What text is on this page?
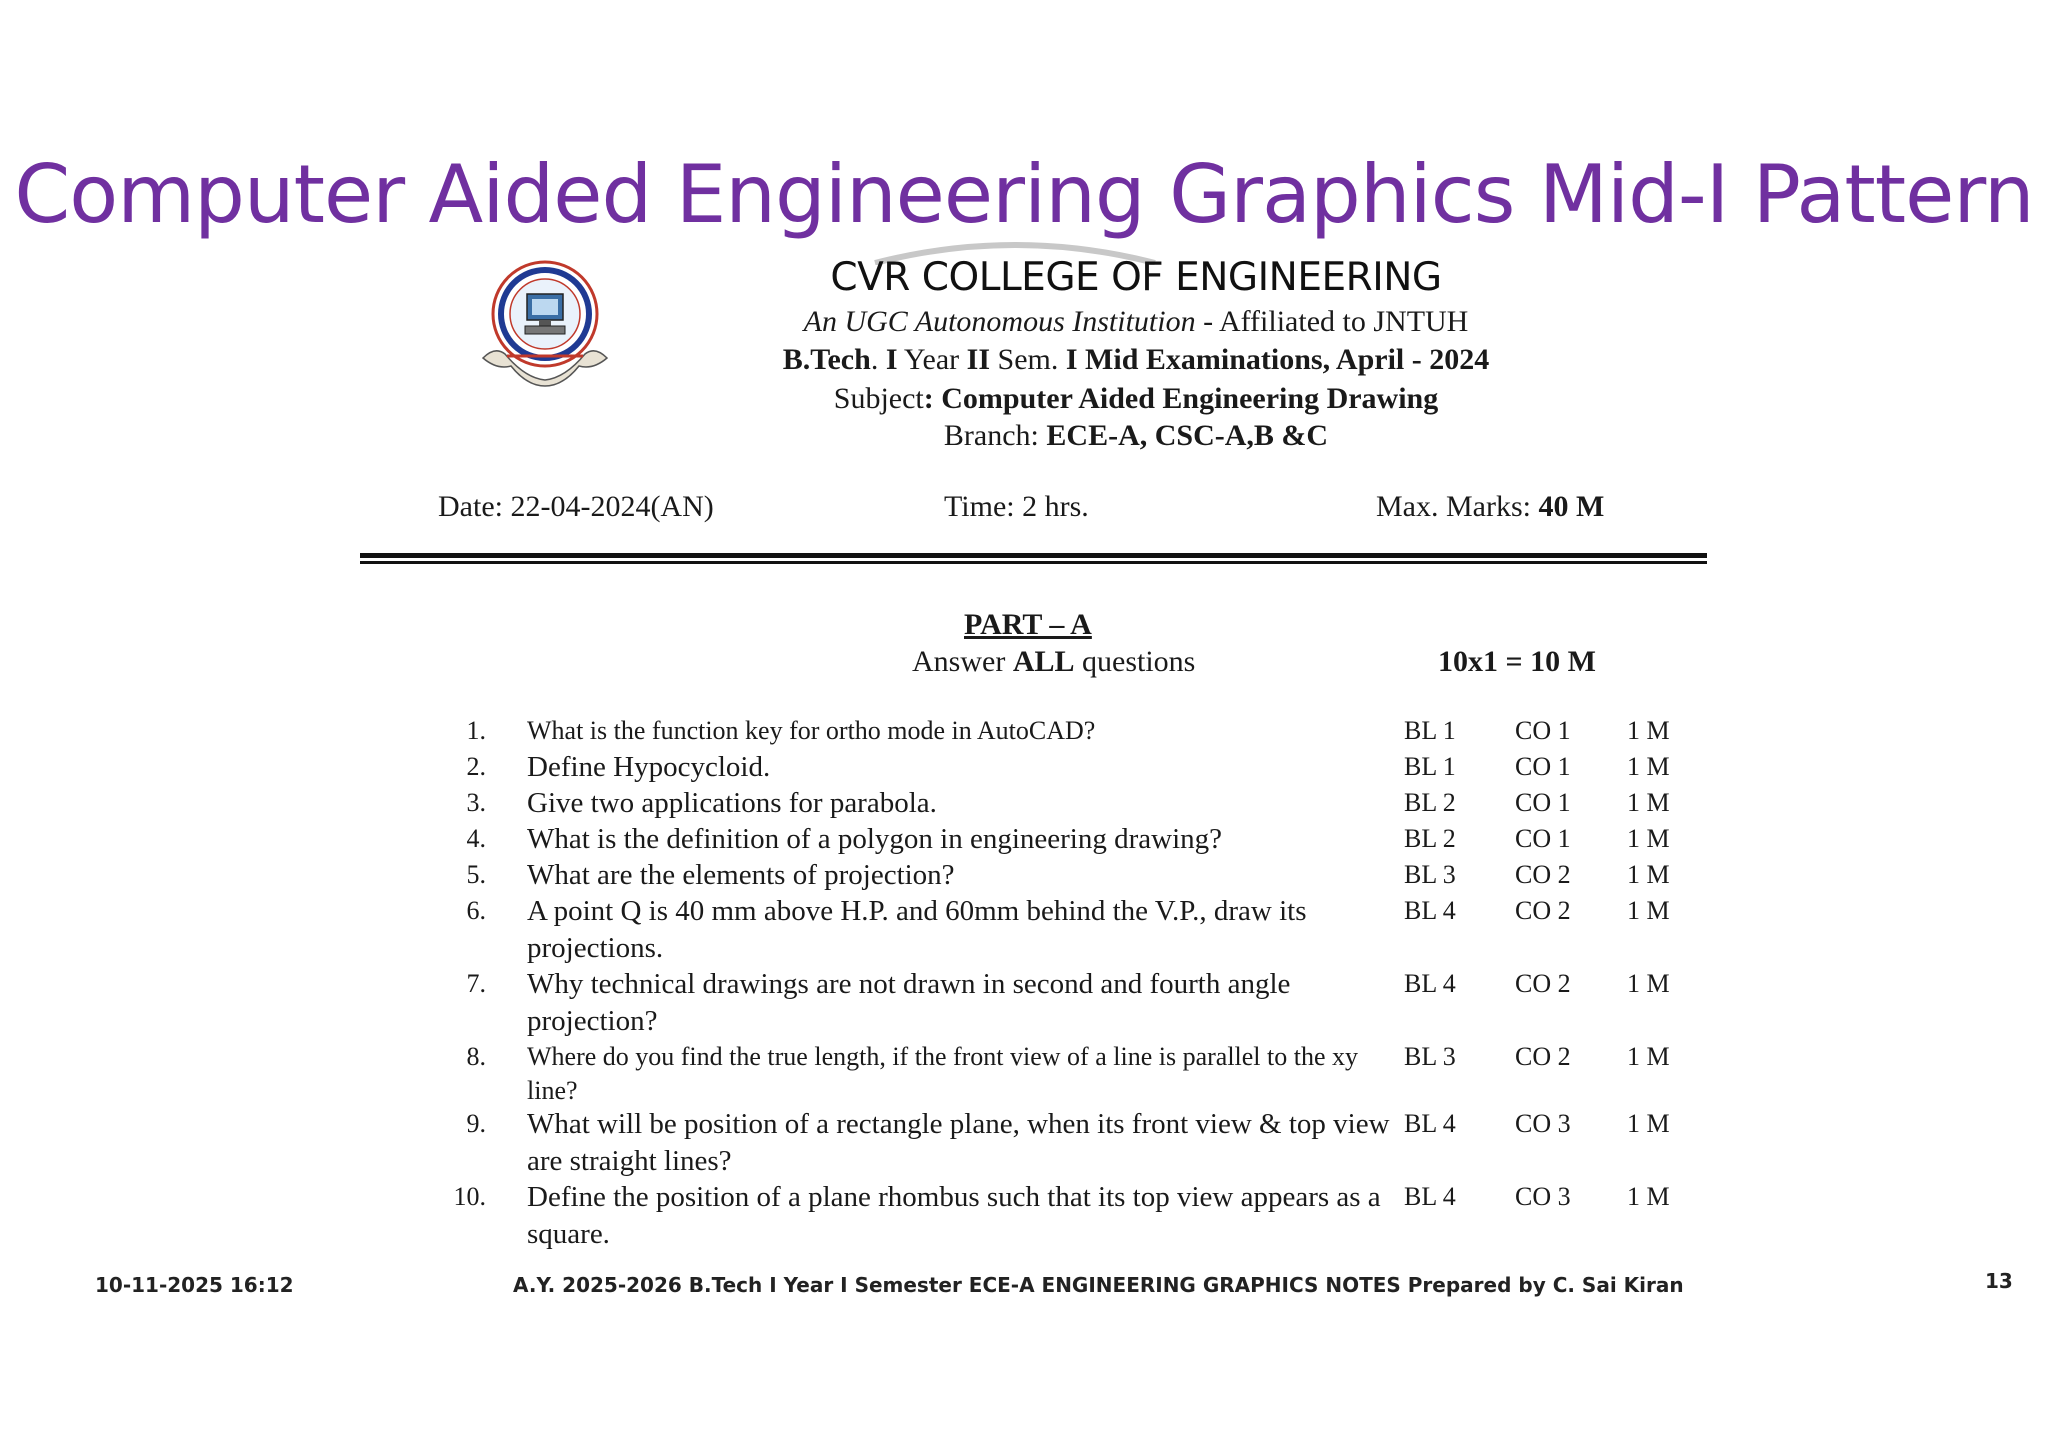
Computer Aided Engineering Graphics Mid-I Pattern
CVR COLLEGE OF ENGINEERING
An UGC Autonomous Institution - Affiliated to JNTUH
B.Tech. I Year II Sem. I Mid Examinations, April - 2024
Subject: Computer Aided Engineering Drawing
Branch: ECE-A, CSC-A,B &C
Date: 22-04-2024(AN)	Time: 2 hrs.	Max. Marks: 40 M
PART – A
Answer ALL questions	10x1 = 10 M
1. What is the function key for ortho mode in AutoCAD?	BL 1 CO 1 1 M
2. Define Hypocycloid.	BL 1 CO 1 1 M
3. Give two applications for parabola.	BL 2 CO 1 1 M
4. What is the definition of a polygon in engineering drawing?	BL 2 CO 1 1 M
5. What are the elements of projection?	BL 3 CO 2 1 M
6. A point Q is 40 mm above H.P. and 60mm behind the V.P., draw its projections.
BL 4 CO 2 1 M
7. Why technical drawings are not drawn in second and fourth angle projection?
BL 4 CO 2 1 M
8. Where do you find the true length, if the front view of a line is parallel to the xy line?
BL 3 CO 2 1 M
9. What will be position of a rectangle plane, when its front view & top view are straight lines?
BL 4 CO 3 1 M
10. Define the position of a plane rhombus such that its top view appears as a square.
BL 4 CO 3 1 M
10-11-2025 16:12	A.Y. 2025-2026 B.Tech I Year I Semester ECE-A ENGINEERING GRAPHICS NOTES Prepared by C. Sai Kiran	13
